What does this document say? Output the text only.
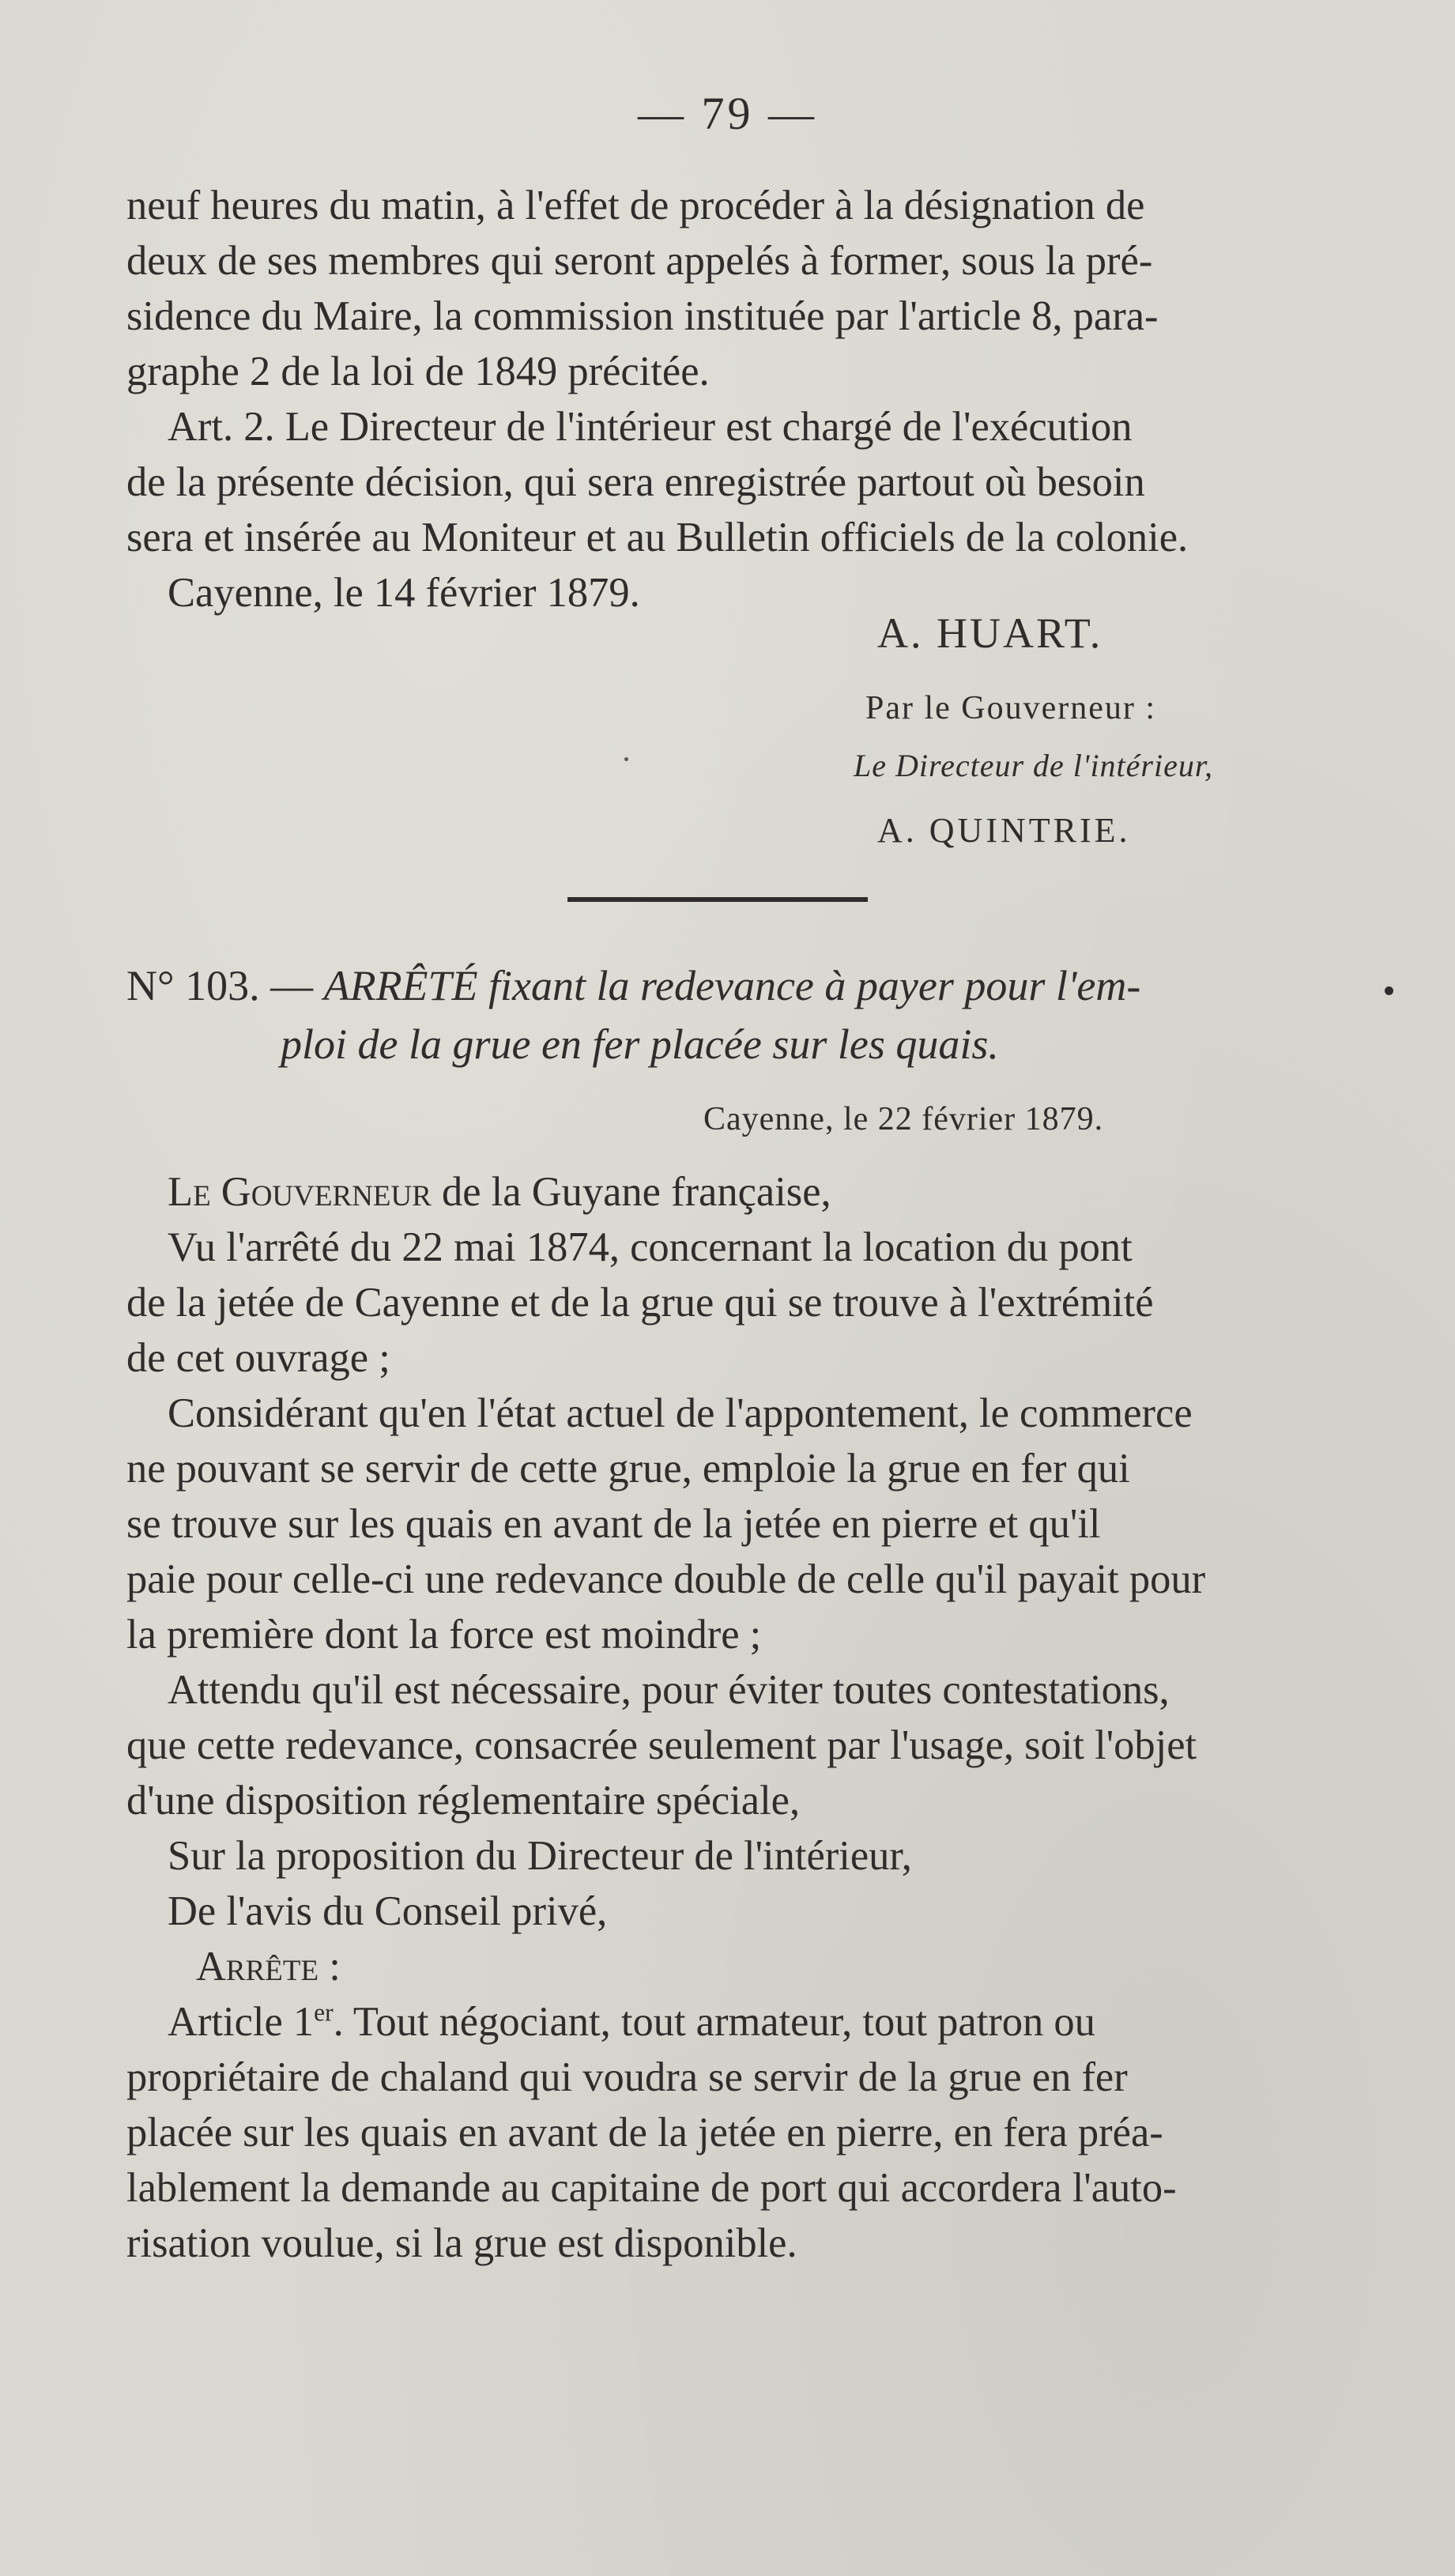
— 79 —
neuf heures du matin, à l'effet de procéder à la désignation de
deux de ses membres qui seront appelés à former, sous la pré-
sidence du Maire, la commission instituée par l'article 8, para-
graphe 2 de la loi de 1849 précitée.
Art. 2. Le Directeur de l'intérieur est chargé de l'exécution
de la présente décision, qui sera enregistrée partout où besoin
sera et insérée au Moniteur et au Bulletin officiels de la colonie.
Cayenne, le 14 février 1879.
A. HUART.
Par le Gouverneur :
Le Directeur de l'intérieur,
A. QUINTRIE.
N° 103. — ARRÊTÉ fixant la redevance à payer pour l'em-
ploi de la grue en fer placée sur les quais.
Cayenne, le 22 février 1879.
Le Gouverneur de la Guyane française,
Vu l'arrêté du 22 mai 1874, concernant la location du pont
de la jetée de Cayenne et de la grue qui se trouve à l'extrémité
de cet ouvrage ;
Considérant qu'en l'état actuel de l'appontement, le commerce
ne pouvant se servir de cette grue, emploie la grue en fer qui
se trouve sur les quais en avant de la jetée en pierre et qu'il
paie pour celle-ci une redevance double de celle qu'il payait pour
la première dont la force est moindre ;
Attendu qu'il est nécessaire, pour éviter toutes contestations,
que cette redevance, consacrée seulement par l'usage, soit l'objet
d'une disposition réglementaire spéciale,
Sur la proposition du Directeur de l'intérieur,
De l'avis du Conseil privé,
Arrête :
Article 1er. Tout négociant, tout armateur, tout patron ou
propriétaire de chaland qui voudra se servir de la grue en fer
placée sur les quais en avant de la jetée en pierre, en fera préa-
lablement la demande au capitaine de port qui accordera l'auto-
risation voulue, si la grue est disponible.
